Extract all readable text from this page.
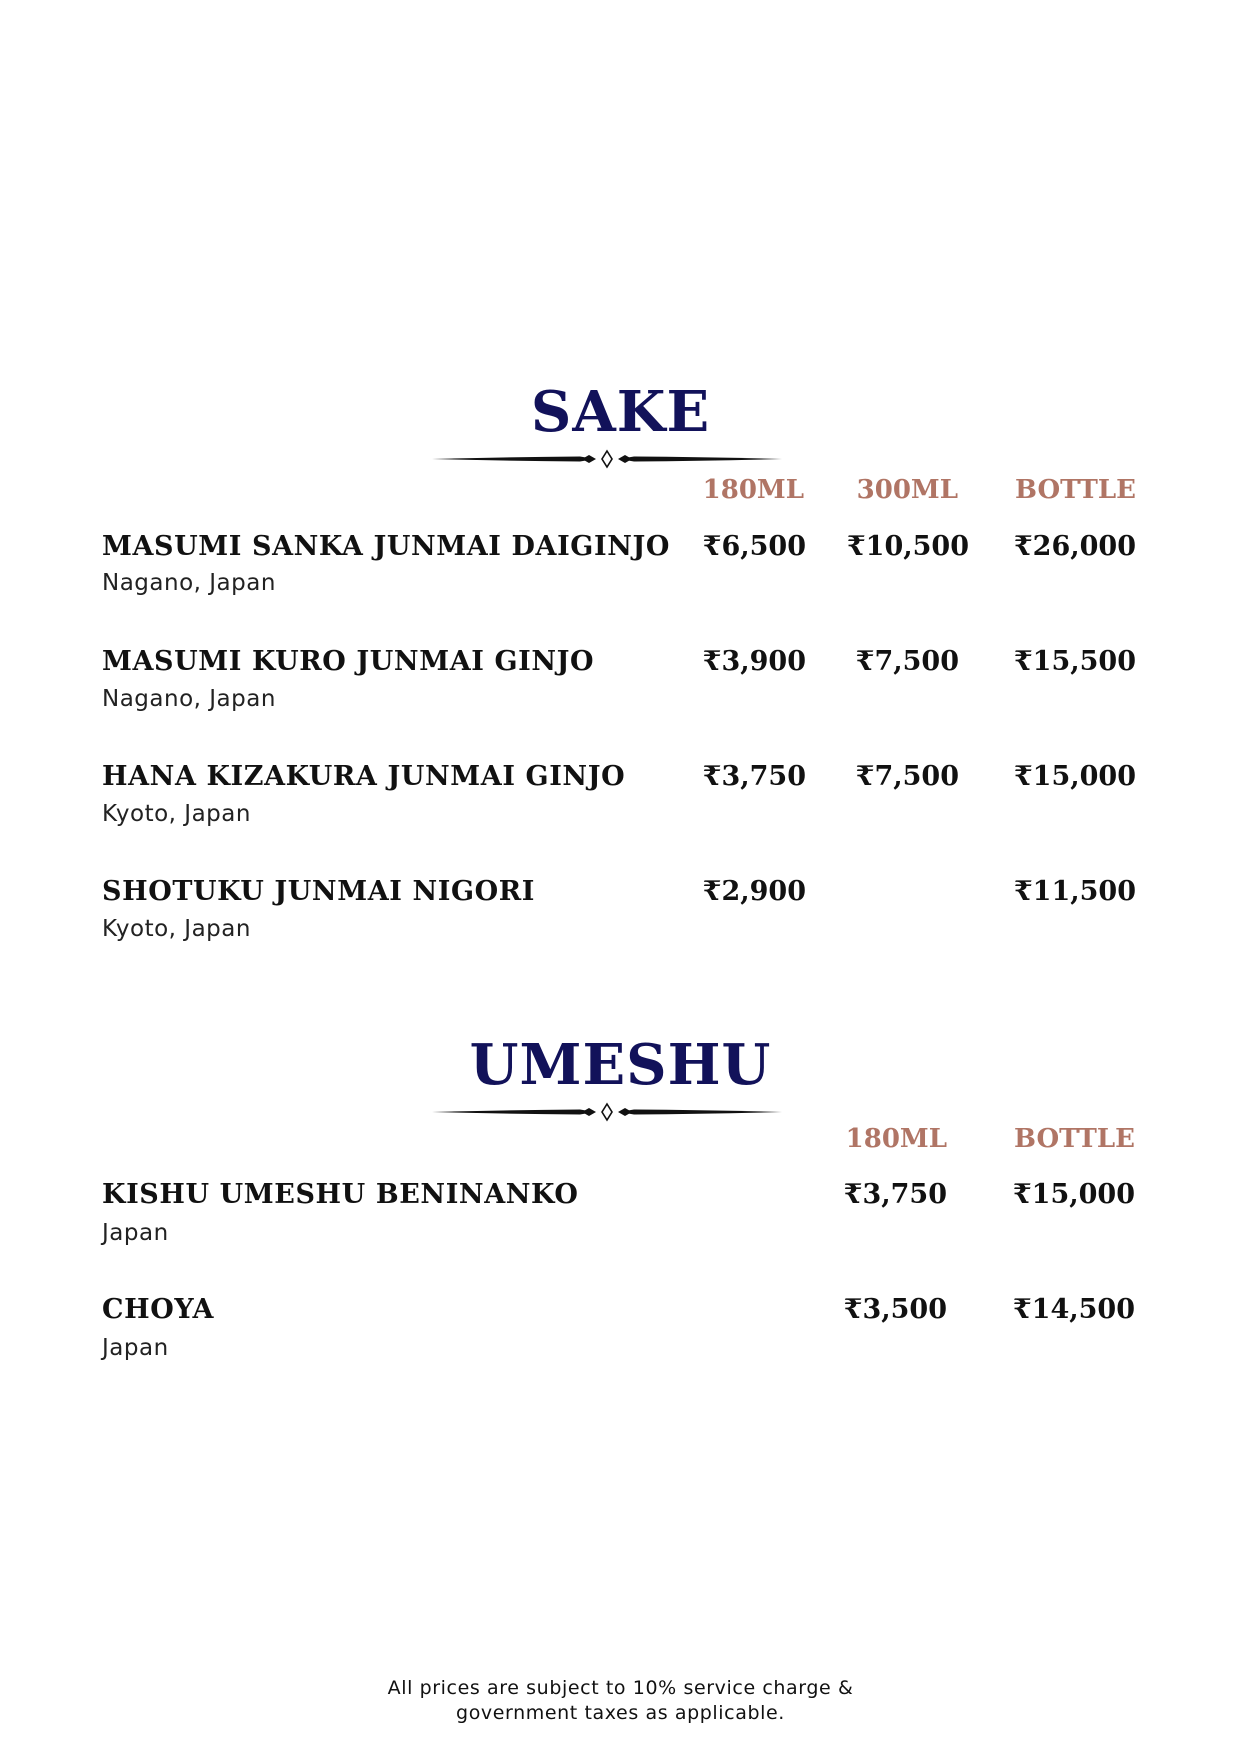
SAKE
180ML 300ML BOTTLE
MASUMI SANKA JUNMAI DAIGINJO
Nagano, Japan
₹6,500 ₹10,500 ₹26,000
MASUMI KURO JUNMAI GINJO
Nagano, Japan
₹3,900 ₹7,500 ₹15,500
HANA KIZAKURA JUNMAI GINJO
Kyoto, Japan
₹3,750 ₹7,500 ₹15,000
SHOTUKU JUNMAI NIGORI
Kyoto, Japan
₹2,900	₹11,500
UMESHU
180ML	BOTTLE
KISHU UMESHU BENINANKO
Japan
₹3,750 ₹15,000
CHOYA
Japan
₹3,500 ₹14,500
All prices are subject to 10% service charge &
government taxes as applicable.
